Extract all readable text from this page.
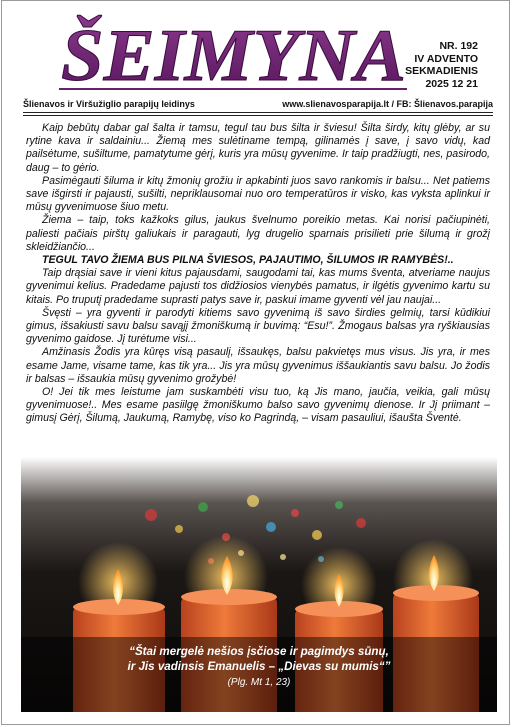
ŠEIMYNA	NR. 192
IV ADVENTO
SEKMADIENIS
2025 12 21
Šlienavos ir Viršužiglio parapijų leidinys	www.slienavosparapija.lt / FB: Šlienavos.parapija

Kaip bebūtų dabar gal šalta ir tamsu, tegul tau bus šilta ir šviesu! Šilta širdy, kitų glėby, ar su rytine kava ir saldainiu... Žiemą mes sulėtiname tempą, gilinamės į save, į savo vidų, kad pailsėtume, sušiltume, pamatytume gėrį, kuris yra mūsų gyvenime. Ir taip pradžiugti, nes, pasirodo, daug – to gėrio.

Pasimėgauti šiluma ir kitų žmonių grožiu ir apkabinti juos savo rankomis ir balsu... Net patiems save išgirsti ir pajausti, sušilti, nepriklausomai nuo oro temperatūros ir visko, kas vyksta aplinkui ir mūsų gyvenimuose šiuo metu.

Žiema – taip, toks kažkoks gilus, jaukus švelnumo poreikio metas. Kai norisi pačiupinėti, paliesti pačiais pirštų galiukais ir paragauti, lyg drugelio sparnais prisilieti prie šilumą ir grožį skleidžiančio...

TEGUL TAVO ŽIEMA BUS PILNA ŠVIESOS, PAJAUTIMO, ŠILUMOS IR RAMYBĖS!..

Taip drąsiai save ir vieni kitus pajausdami, saugodami tai, kas mums šventa, atveriame naujus gyvenimui kelius. Pradedame pajusti tos didžiosios vienybės pamatus, ir ilgėtis gyvenimo kartu su kitais. Po truputį pradedame suprasti patys save ir, paskui imame gyventi vėl jau naujai...

Švęsti – yra gyventi ir parodyti kitiems savo gyvenimą iš savo širdies gelmių, tarsi kūdikiui gimus, išsakiusti savu balsu savąjį žmoniškumą ir buvimą: “Esu!”. Žmogaus balsas yra ryškiausias gyvenimo gaidose. Jį turėtume visi...

Amžinasis Žodis yra kūręs visą pasaulį, išsaukęs, balsu pakvietęs mus visus. Jis yra, ir mes esame Jame, visame tame, kas tik yra... Jis yra mūsų gyvenimus iššaukiantis savu balsu. Jo žodis ir balsas – išsaukia mūsų gyvenimo grožybė!

O! Jei tik mes leistume jam suskambėti visu tuo, ką Jis mano, jaučia, veikia, gali mūsų gyvenimuose!.. Mes esame pasiilgę žmoniškumo balso savo gyvenimų dienose. Ir Jį priimant – gimusį Gėrį, Šilumą, Jaukumą, Ramybę, viso ko Pagrindą, – visam pasauliui, išaušta Šventė.

“Štai mergelė nešios įsčiose ir pagimdys sūnų,
ir Jis vadinsis Emanuelis – „Dievas su mumis“”
(Plg. Mt 1, 23)
